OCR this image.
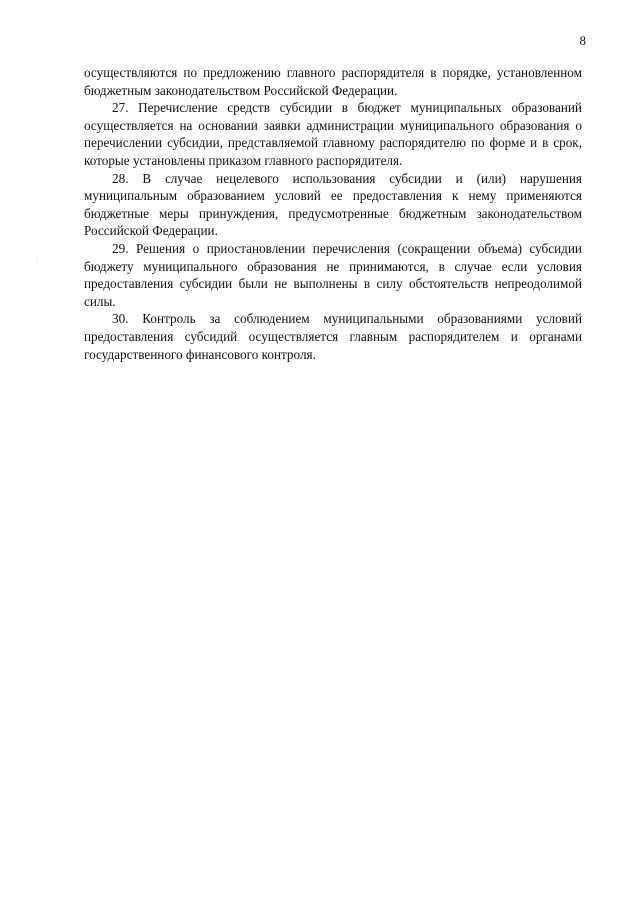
8
·

осуществляются по предложению главного распорядителя в порядке, установленном бюджетным законодательством Российской Федерации.

27. Перечисление средств субсидии в бюджет муниципальных образований осуществляется на основании заявки администрации муниципального образования о перечислении субсидии, представляемой главному распорядителю по форме и в срок, которые установлены приказом главного распорядителя.

28. В случае нецелевого использования субсидии и (или) нарушения муниципальным образованием условий ее предоставления к нему применяются бюджетные меры принуждения, предусмотренные бюджетным законодательством Российской Федерации.

29. Решения о приостановлении перечисления (сокращении объема) субсидии бюджету муниципального образования не принимаются, в случае если условия предоставления субсидии были не выполнены в силу обстоятельств непреодолимой силы.

30. Контроль за соблюдением муниципальными образованиями условий предоставления субсидий осуществляется главным распорядителем и органами государственного финансового контроля.
